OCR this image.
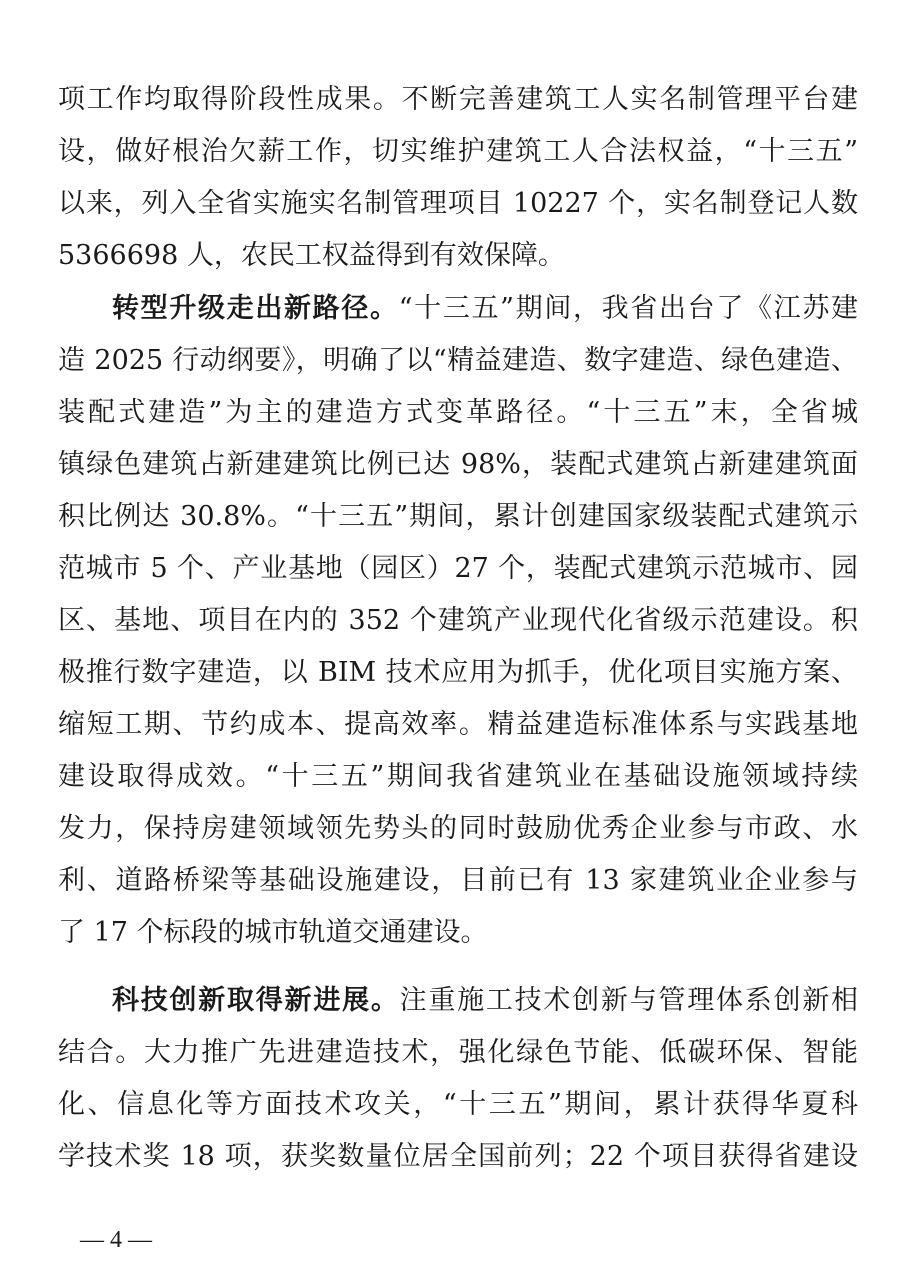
项工作均取得阶段性成果。不断完善建筑工人实名制管理平台建
设，做好根治欠薪工作，切实维护建筑工人合法权益，“十三五”
以来，列入全省实施实名制管理项目 10227 个，实名制登记人数
5366698 人，农民工权益得到有效保障。
转型升级走出新路径。“十三五”期间，我省出台了《江苏建
造 2025 行动纲要》，明确了以“精益建造、数字建造、绿色建造、
装配式建造”为主的建造方式变革路径。“十三五”末，全省城
镇绿色建筑占新建建筑比例已达 98%，装配式建筑占新建建筑面
积比例达 30.8%。“十三五”期间，累计创建国家级装配式建筑示
范城市 5 个、产业基地（园区）27 个，装配式建筑示范城市、园
区、基地、项目在内的 352 个建筑产业现代化省级示范建设。积
极推行数字建造，以 BIM 技术应用为抓手，优化项目实施方案、
缩短工期、节约成本、提高效率。精益建造标准体系与实践基地
建设取得成效。“十三五”期间我省建筑业在基础设施领域持续
发力，保持房建领域领先势头的同时鼓励优秀企业参与市政、水
利、道路桥梁等基础设施建设，目前已有 13 家建筑业企业参与
了 17 个标段的城市轨道交通建设。
科技创新取得新进展。注重施工技术创新与管理体系创新相
结合。大力推广先进建造技术，强化绿色节能、低碳环保、智能
化、信息化等方面技术攻关，“十三五”期间，累计获得华夏科
学技术奖 18 项，获奖数量位居全国前列；22 个项目获得省建设
— 4 —
